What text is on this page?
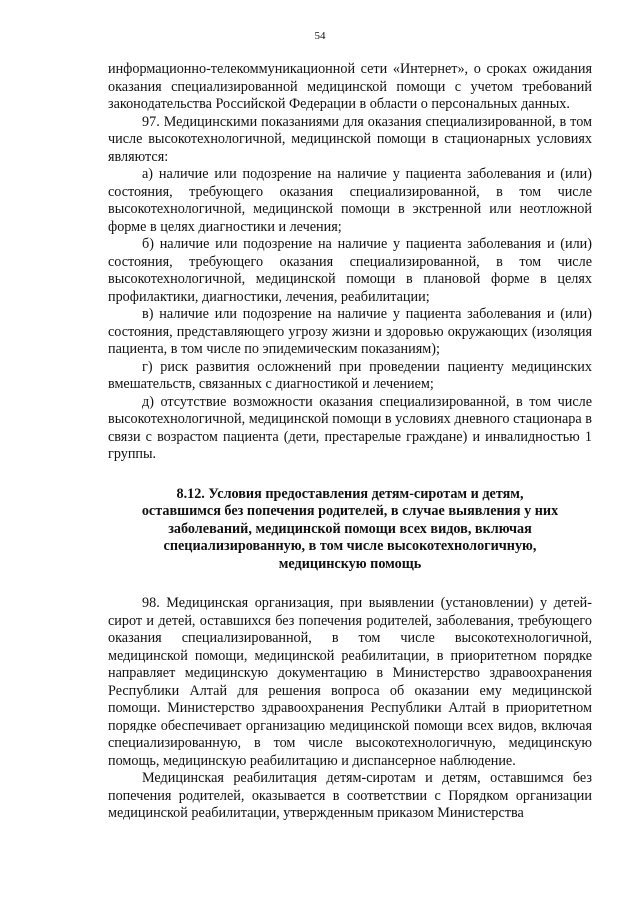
54

информационно-телекоммуникационной сети «Интернет», о сроках ожидания оказания специализированной медицинской помощи с учетом требований законодательства Российской Федерации в области о персональных данных.

97. Медицинскими показаниями для оказания специализированной, в том числе высокотехнологичной, медицинской помощи в стационарных условиях являются:

а) наличие или подозрение на наличие у пациента заболевания и (или) состояния, требующего оказания специализированной, в том числе высокотехнологичной, медицинской помощи в экстренной или неотложной форме в целях диагностики и лечения;

б) наличие или подозрение на наличие у пациента заболевания и (или) состояния, требующего оказания специализированной, в том числе высокотехнологичной, медицинской помощи в плановой форме в целях профилактики, диагностики, лечения, реабилитации;

в) наличие или подозрение на наличие у пациента заболевания и (или) состояния, представляющего угрозу жизни и здоровью окружающих (изоляция пациента, в том числе по эпидемическим показаниям);

г) риск развития осложнений при проведении пациенту медицинских вмешательств, связанных с диагностикой и лечением;

д) отсутствие возможности оказания специализированной, в том числе высокотехнологичной, медицинской помощи в условиях дневного стационара в связи с возрастом пациента (дети, престарелые граждане) и инвалидностью 1 группы.

8.12. Условия предоставления детям-сиротам и детям,

оставшимся без попечения родителей, в случае выявления у них

заболеваний, медицинской помощи всех видов, включая

специализированную, в том числе высокотехнологичную,

медицинскую помощь

98. Медицинская организация, при выявлении (установлении) у детей-сирот и детей, оставшихся без попечения родителей, заболевания, требующего оказания специализированной, в том числе высокотехнологичной, медицинской помощи, медицинской реабилитации, в приоритетном порядке направляет медицинскую документацию в Министерство здравоохранения Республики Алтай для решения вопроса об оказании ему медицинской помощи. Министерство здравоохранения Республики Алтай в приоритетном порядке обеспечивает организацию медицинской помощи всех видов, включая специализированную, в том числе высокотехнологичную, медицинскую помощь, медицинскую реабилитацию и диспансерное наблюдение.

Медицинская реабилитация детям-сиротам и детям, оставшимся без попечения родителей, оказывается в соответствии с Порядком организации медицинской реабилитации, утвержденным приказом Министерства
